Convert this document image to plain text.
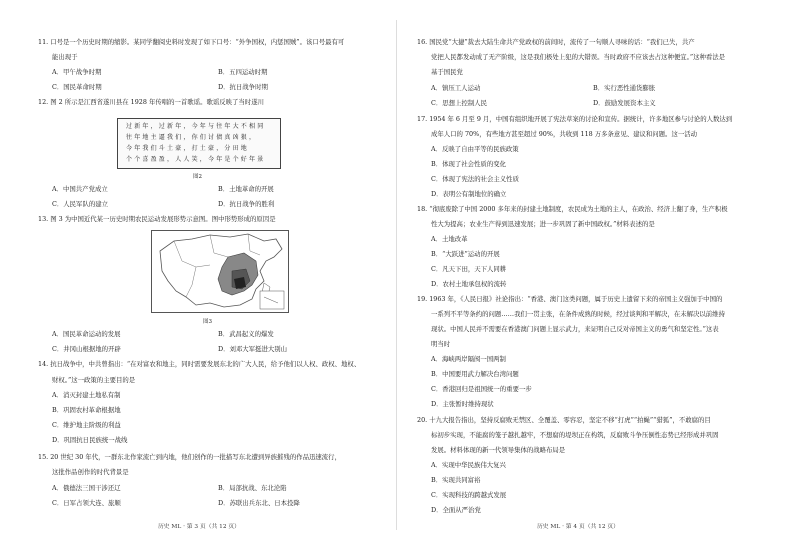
11. 口号是一个历史时期的缩影。某同学翻阅史料时发现了如下口号：“外争国权，内惩国贼”。该口号最有可
能出现于
A．甲午战争时期	B．五四运动时期
C．国民革命时期	D．抗日战争时期
12. 图 2 所示是江西省遂川县在 1928 年传唱的一首歌谣。歌谣反映了当时遂川
过新年，过新年，今年与往年大不相同
往年地主逼我们，你们讨债真凶狠，
今年我们斗土豪，打土豪，分田地
个个喜盈盈，人人笑，今年是个好年景
图2
A．中国共产党成立	B．土地革命的开展
C．人民军队的建立	D．抗日战争的胜利
13. 图 3 为中国近代某一历史时期农民运动发展形势示意图。图中形势形成的原因是
图3
A．国民革命运动的发展	B．武昌起义的爆发
C．井冈山根据地的开辟	D．刘邓大军挺进大别山
14. 抗日战争中，中共曾指出：“在对富农和地主，同时需要发展东北的广大人民，给予他们以人权、政权、地权、
财权。”这一政策的主要目的是
A．消灭封建土地私有制
B．巩固农村革命根据地
C．维护地主阶级的利益
D．巩固抗日民族统一战线
15. 20 世纪 30 年代，一群东北作家流亡到内地，他们创作的一批描写东北遭到异族摧残的作品迅速流行，
这批作品创作的时代背景是
A．俄德法三国干涉还辽	B．局部抗战、东北沦陷
C．日军占领大连、旅顺	D．苏联出兵东北、日本投降
历史 ML · 第 3 页（共 12 页）
16. 国民党“大捷”裁去大陆生命共产党政权的前间时，流传了一句顺人寻味的话：“我们已失，共产
党把人民都发动成了无产阶级，这是我们极处上犯的大错误。当时政府不应该去占这种便宜。”这种看法是
基于国民党
A．镇压工人运动	B．实行恶性通货膨胀
C．思想上控制人民	D．鼓励发展资本主义
17. 1954 年 6 月至 9 月，中国有组织地开展了宪法草案的讨论和宣传。据统计，许多地区参与讨论的人数达到
成年人口的 70%，有些地方甚至超过 90%，共收到 118 万多条意见、建议和问题。这一活动
A．反映了自由平等的民族政策
B．体现了社会性质的变化
C．体现了宪法的社会主义性质
D．表明公有制地位的确立
18. “彻底废除了中国 2000 多年来的封建土地制度，农民成为土地的主人，在政治、经济上翻了身，生产积极
性大为提高；农业生产得到迅速发展；进一步巩固了新中国政权。”材料表述的是
A．土地改革
B．“大跃进”运动的开展
C．凡天下田，天下人同耕
D．农村土地承包权的流转
19. 1963 年，《人民日报》社论指出：“香港、澳门这类问题，属于历史上遗留下来的帝国主义强加于中国的
一系列不平等条约的问题……我们一贯主张，在条件成熟的时候，经过谈判和平解决，在未解决以前维持
现状。中国人民并不需要在香港澳门问题上显示武力，来证明自己反对帝国主义的勇气和坚定性。”这表
明当时
A．海峡两岸隔阂一国两制
B．中国要用武力解决台湾问题
C．香港回归是祖国统一的重要一步
D．主张暂时维持现状
20. 十九大报告指出，坚持反腐败无禁区、全覆盖、零容忍，坚定不移“打虎”“拍蝇”“猎狐”，不敢腐的目
标初步实现，不能腐的笼子越扎越牢，不想腐的堤坝正在构筑，反腐败斗争压倒性态势已经形成并巩固
发展。材料体现的新一代领导集体的战略布局是
A．实现中华民族伟大复兴
B．实现共同富裕
C．实现科技的跨越式发展
D．全面从严治党
历史 ML · 第 4 页（共 12 页）
